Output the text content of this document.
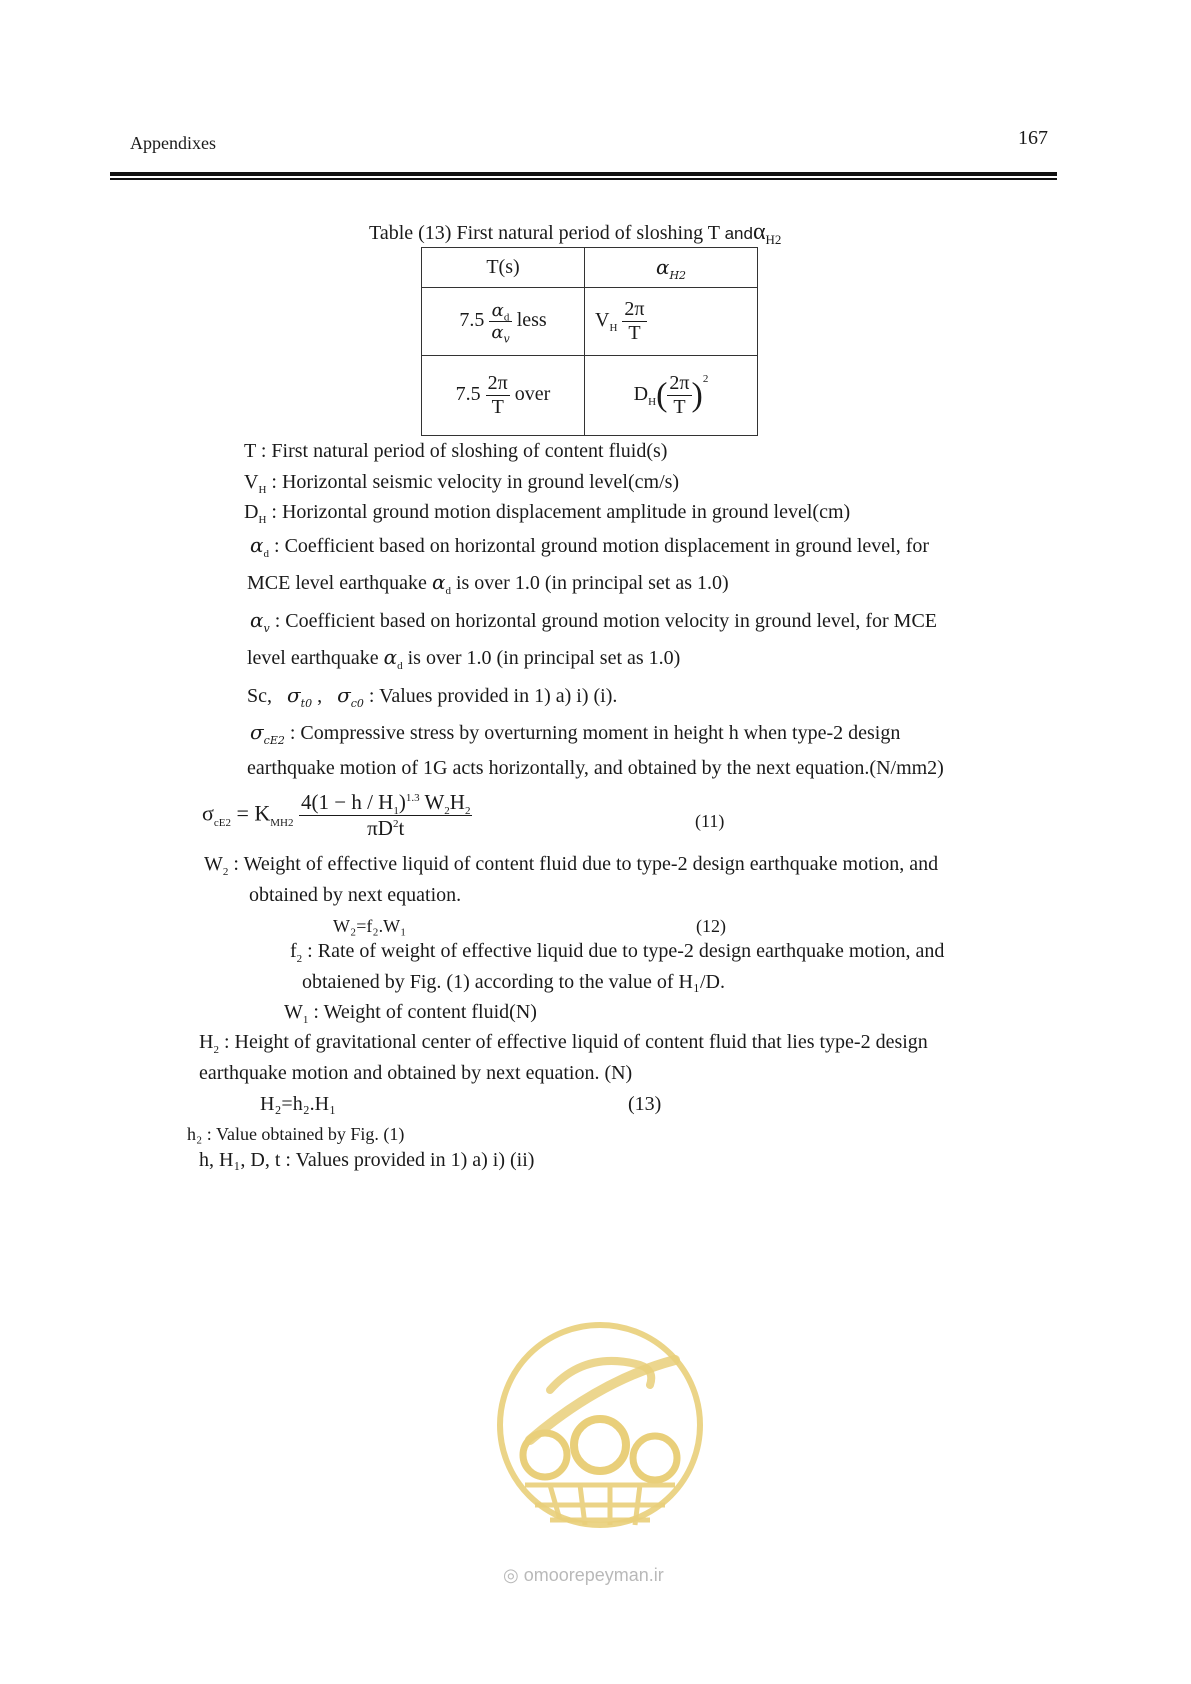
Appendixes	167
Table (13) First natural period of sloshing T andα$_{H2}$
T(s)	$\alpha_{H2}$
$7.5 \frac{\alpha_d}{\alpha_v}$ less	$V_H \frac{2\pi}{T}$

$7.5 \frac{2\pi}{T}$ over	$D_H( \frac{2\pi}{T} )^2$
T : First natural period of sloshing of content fluid(s)
$V_H$ : Horizontal seismic velocity in ground level(cm/s)
$D_H$ : Horizontal ground motion displacement amplitude in ground level(cm)
$\alpha_d$ : Coefficient based on horizontal ground motion displacement in ground level, for
MCE level earthquake $\alpha_d$ is over 1.0 (in principal set as 1.0)
$\alpha_v$ : Coefficient based on horizontal ground motion velocity in ground level, for MCE
level earthquake $\alpha_d$ is over 1.0 (in principal set as 1.0)
Sc, $\sigma_{t0}$ ,   $\sigma_{c0}$ : Values provided in 1) a) i) (i).
$\sigma_{cE2}$ : Compressive stress by overturning moment in height h when type-2 design
earthquake motion of 1G acts horizontally, and obtained by the next equation.(N/mm2)
$\sigma_{cE2} = K_{MH2} \frac{4(1 - h / H_1)^{1.3} W_2H_2}{\pi D^2t}$	(11)
$W_2$ : Weight of effective liquid of content fluid due to type-2 design earthquake motion, and
obtained by next equation.
W₂=f₂.W₁	(12)
$f_2$ : Rate of weight of effective liquid due to type-2 design earthquake motion, and
obtaiened by Fig. (1) according to the value of H₁/D.
$W_1$ : Weight of content fluid(N)
$H_2$ : Height of gravitational center of effective liquid of content fluid that lies type-2 design
earthquake motion and obtained by next equation. (N)
H₂=h₂.H₁	(13)
h₂ : Value obtained by Fig. (1)
h, H₁, D, t : Values provided in 1) a) i) (ii)
◎ omoorepeyman.ir
